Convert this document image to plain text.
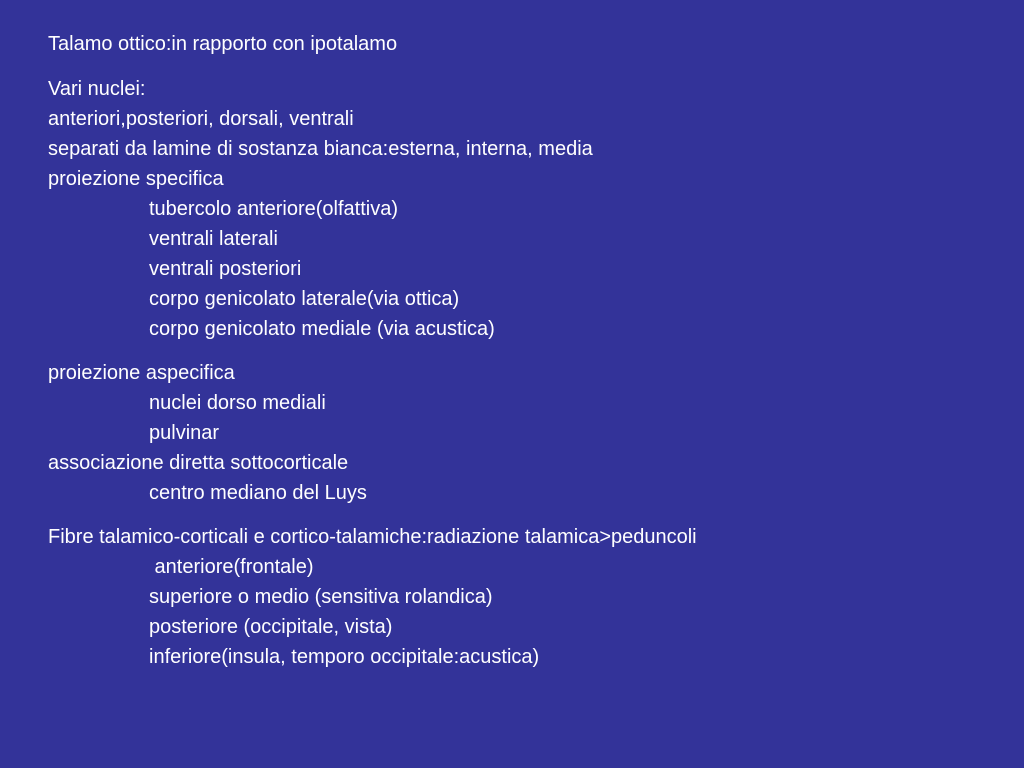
Talamo ottico:in rapporto con ipotalamo
Vari nuclei:
anteriori,posteriori, dorsali, ventrali
separati da lamine di sostanza bianca:esterna, interna, media
proiezione specifica
tubercolo anteriore(olfattiva)
ventrali laterali
ventrali posteriori
corpo genicolato laterale(via ottica)
corpo genicolato mediale (via acustica)
proiezione aspecifica
nuclei dorso mediali
pulvinar
associazione diretta sottocorticale
centro mediano del Luys
Fibre talamico-corticali e cortico-talamiche:radiazione talamica>peduncoli
anteriore(frontale)
superiore o medio (sensitiva rolandica)
posteriore (occipitale, vista)
inferiore(insula, temporo occipitale:acustica)
